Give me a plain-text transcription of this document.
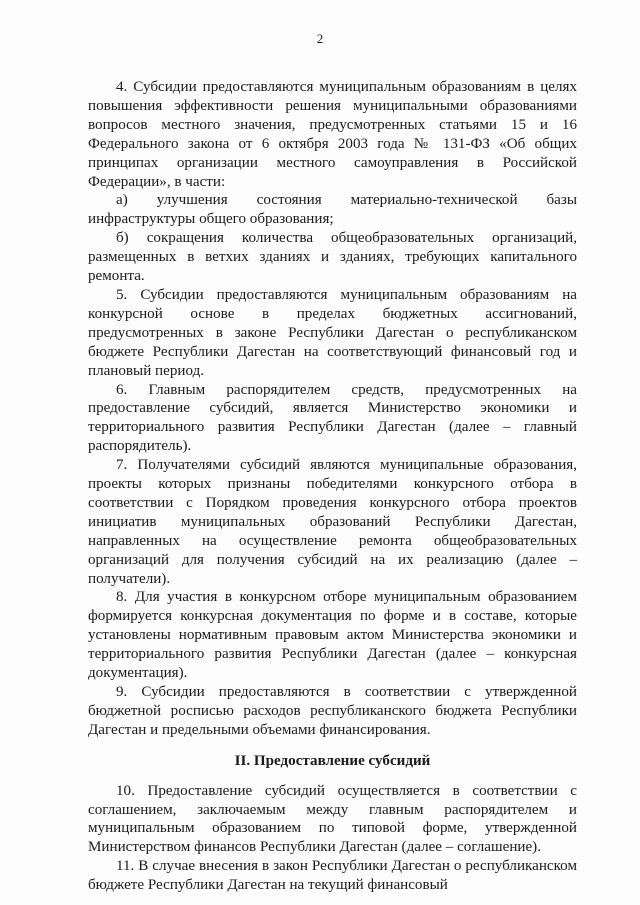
2

4. Субсидии предоставляются муниципальным образованиям в целях повышения эффективности решения муниципальными образованиями вопросов местного значения, предусмотренных статьями 15 и 16 Федерального закона от 6 октября 2003 года № 131-ФЗ «Об общих принципах организации местного самоуправления в Российской Федерации», в части:

а) улучшения состояния материально-технической базы инфраструктуры общего образования;

б) сокращения количества общеобразовательных организаций, размещенных в ветхих зданиях и зданиях, требующих капитального ремонта.

5. Субсидии предоставляются муниципальным образованиям на конкурсной основе в пределах бюджетных ассигнований, предусмотренных в законе Республики Дагестан о республиканском бюджете Республики Дагестан на соответствующий финансовый год и плановый период.

6. Главным распорядителем средств, предусмотренных на предоставление субсидий, является Министерство экономики и территориального развития Республики Дагестан (далее – главный распорядитель).

7. Получателями субсидий являются муниципальные образования, проекты которых признаны победителями конкурсного отбора в соответствии с Порядком проведения конкурсного отбора проектов инициатив муниципальных образований Республики Дагестан, направленных на осуществление ремонта общеобразовательных организаций для получения субсидий на их реализацию (далее – получатели).

8. Для участия в конкурсном отборе муниципальным образованием формируется конкурсная документация по форме и в составе, которые установлены нормативным правовым актом Министерства экономики и территориального развития Республики Дагестан (далее – конкурсная документация).

9. Субсидии предоставляются в соответствии с утвержденной бюджетной росписью расходов республиканского бюджета Республики Дагестан и предельными объемами финансирования.

II. Предоставление субсидий

10. Предоставление субсидий осуществляется в соответствии с соглашением, заключаемым между главным распорядителем и муниципальным образованием по типовой форме, утвержденной Министерством финансов Республики Дагестан (далее – соглашение).

11. В случае внесения в закон Республики Дагестан о республиканском бюджете Республики Дагестан на текущий финансовый
